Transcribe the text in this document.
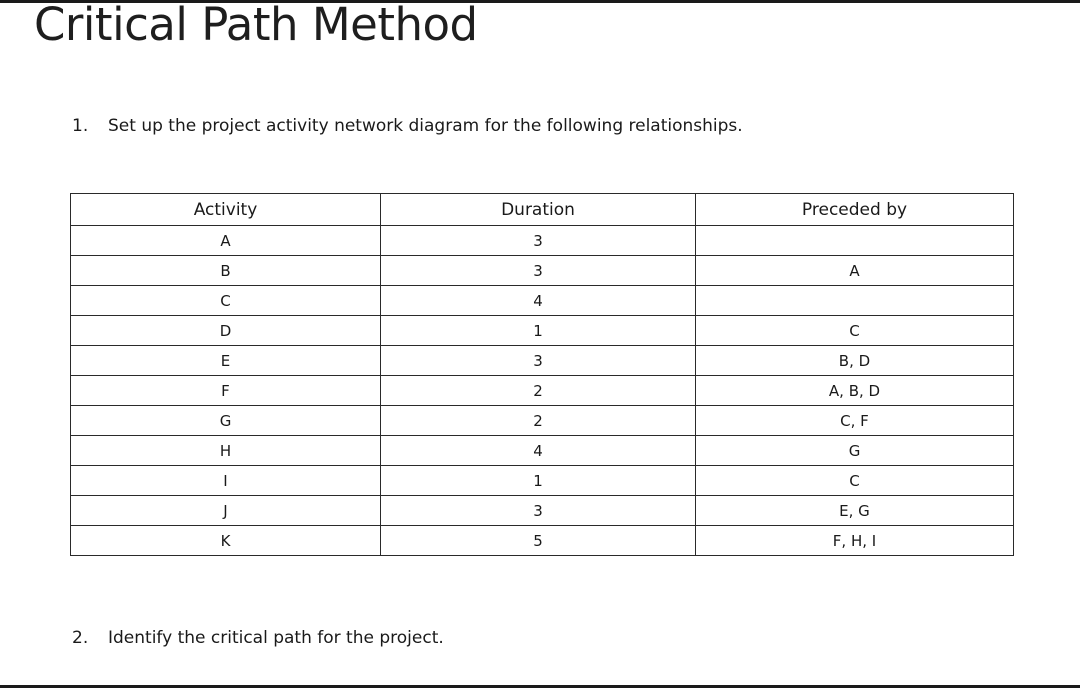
Critical Path Method
1. Set up the project activity network diagram for the following relationships.
Activity	Duration	Preceded by
A	3	
B	3	A
C	4	
D	1	C
E	3	B, D
F	2	A, B, D
G	2	C, F
H	4	G
I	1	C
J	3	E, G
K	5	F, H, I
2. Identify the critical path for the project.
